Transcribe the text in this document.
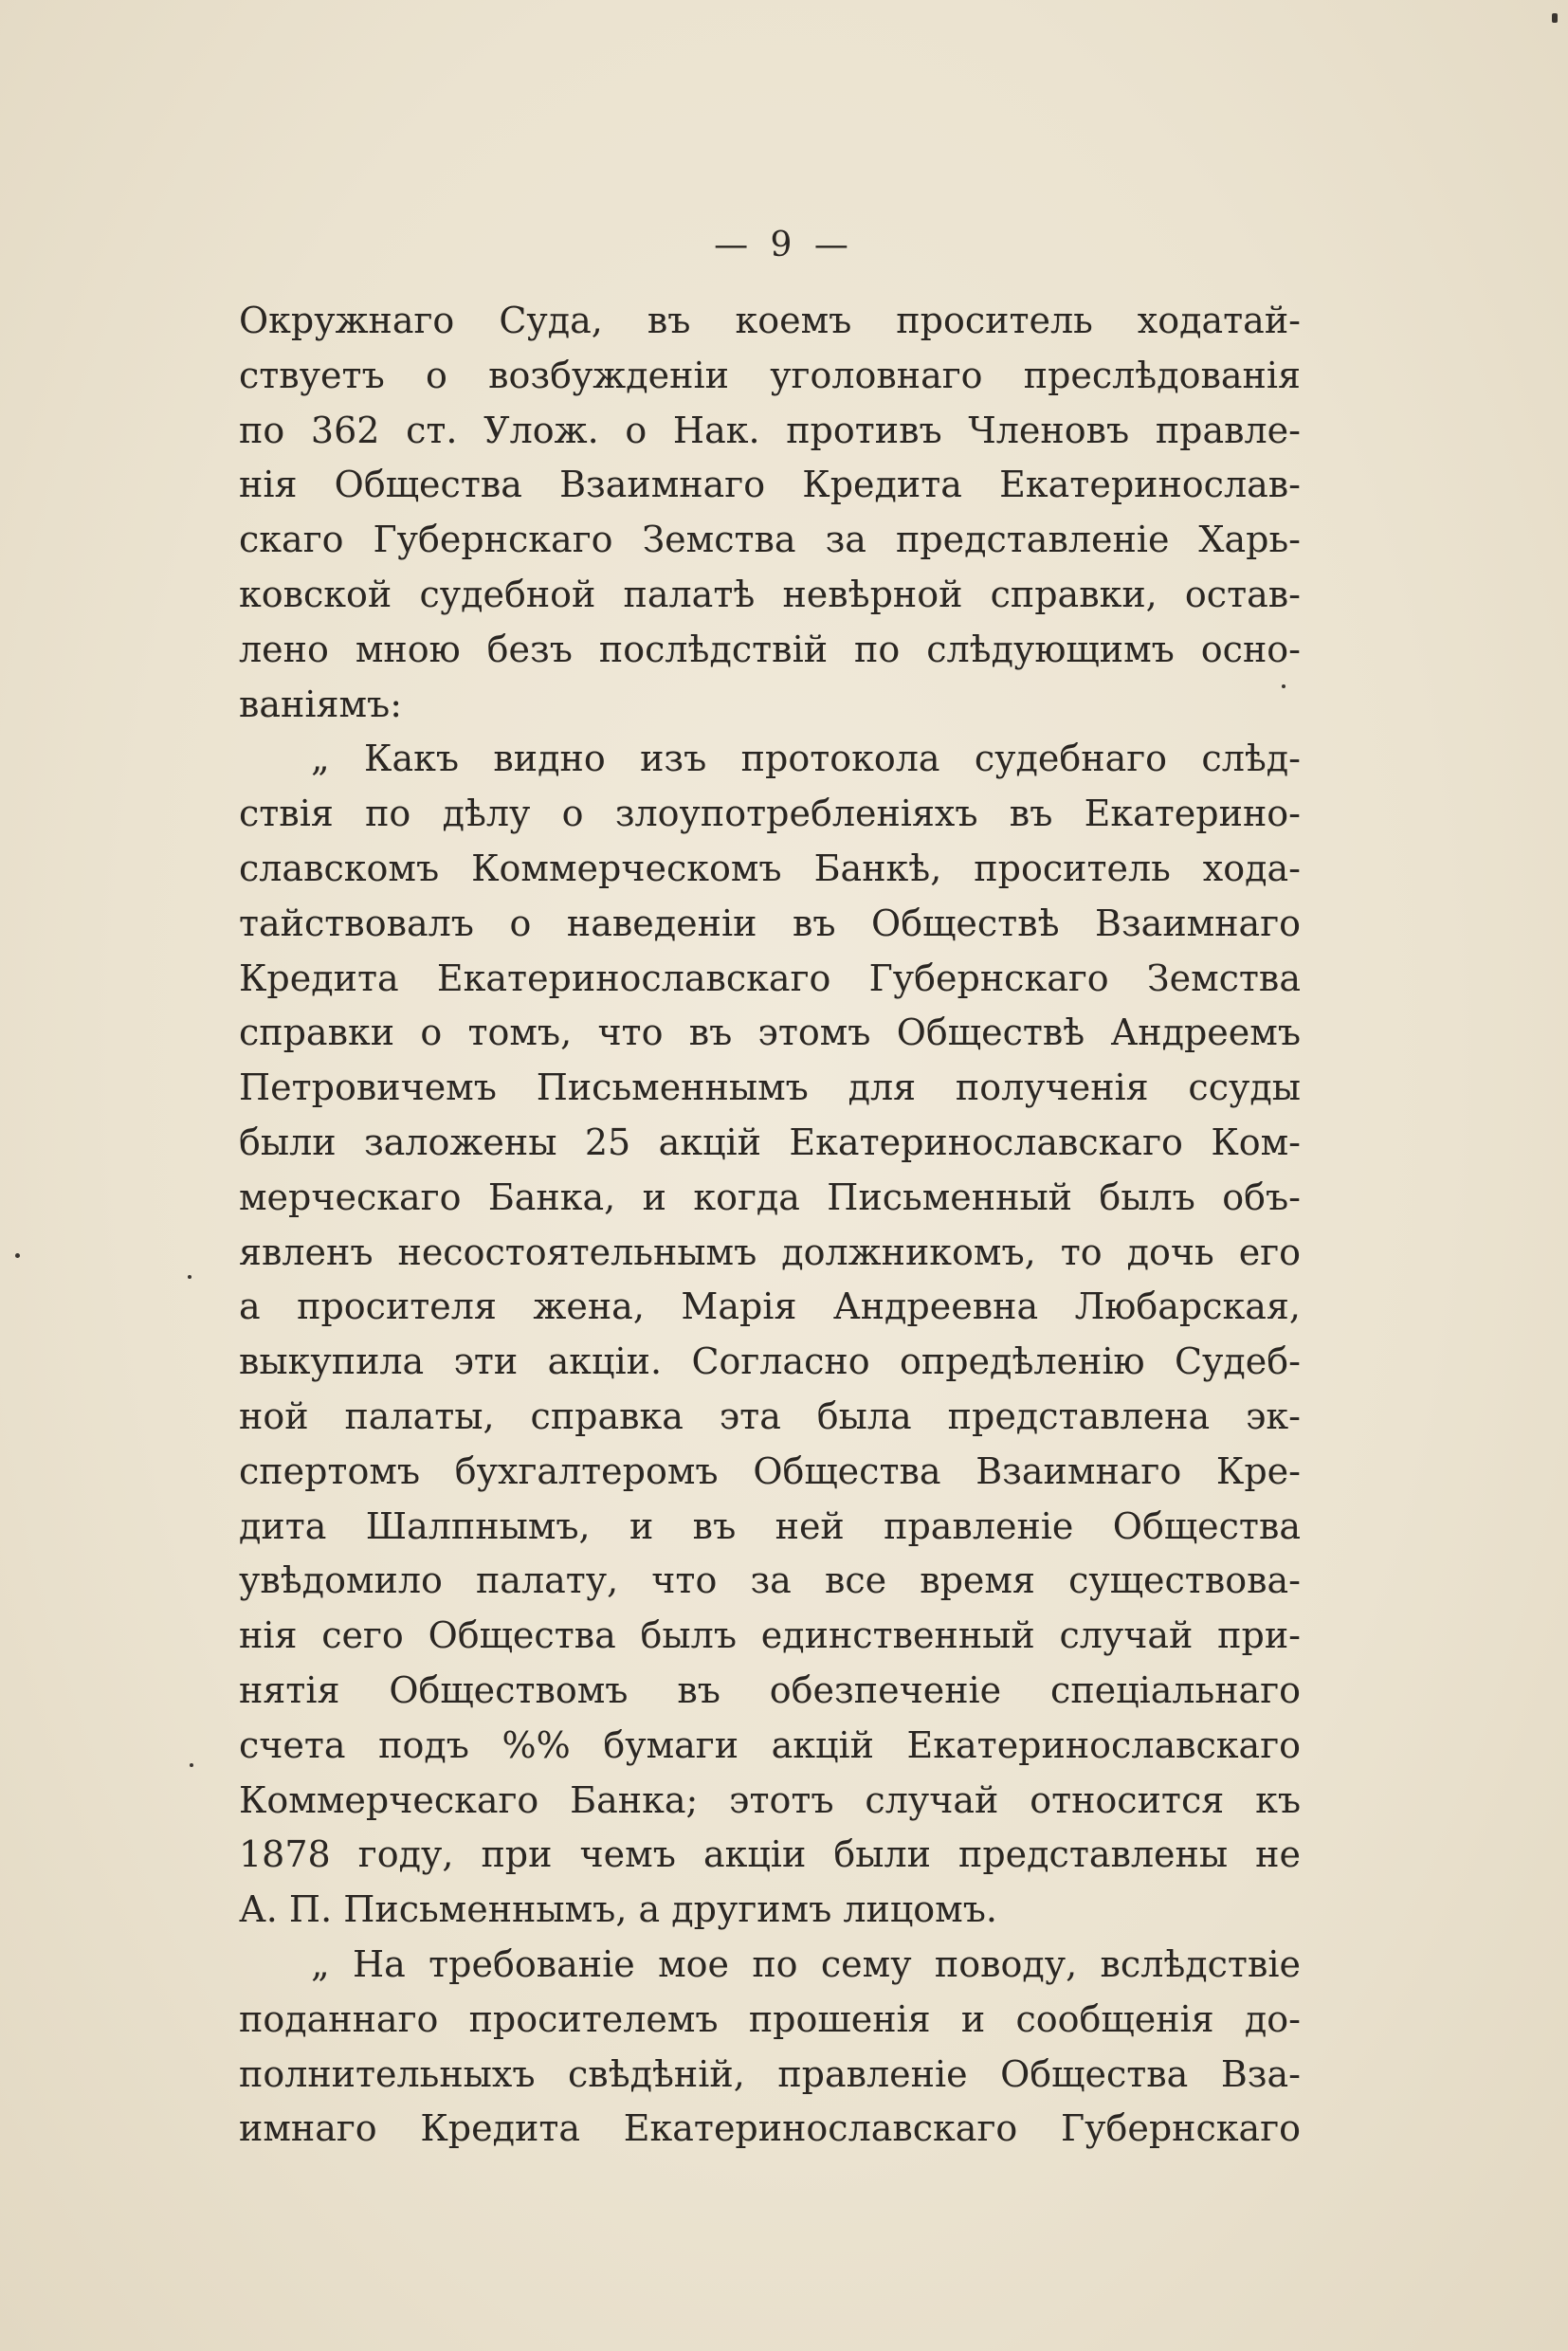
— 9 —
Окружнаго Суда, въ коемъ проситель ходатай-
ствуетъ о возбужденіи уголовнаго преслѣдованія
по 362 ст. Улож. о Нак. противъ Членовъ правле-
нія Общества Взаимнаго Кредита Екатеринослав-
скаго Губернскаго Земства за представленіе Харь-
ковской судебной палатѣ невѣрной справки, остав-
лено мною безъ послѣдствій по слѣдующимъ осно-
ваніямъ:
„ Какъ видно изъ протокола судебнаго слѣд-
ствія по дѣлу о злоупотребленіяхъ въ Екатерино-
славскомъ Коммерческомъ Банкѣ, проситель хода-
тайствовалъ о наведеніи въ Обществѣ Взаимнаго
Кредита Екатеринославскаго Губернскаго Земства
справки о томъ, что въ этомъ Обществѣ Андреемъ
Петровичемъ Письменнымъ для полученія ссуды
были заложены 25 акцій Екатеринославскаго Ком-
мерческаго Банка, и когда Письменный былъ объ-
явленъ несостоятельнымъ должникомъ, то дочь его
а просителя жена, Марія Андреевна Любарская,
выкупила эти акціи. Согласно опредѣленію Судеб-
ной палаты, справка эта была представлена эк-
спертомъ бухгалтеромъ Общества Взаимнаго Кре-
дита Шалпнымъ, и въ ней правленіе Общества
увѣдомило палату, что за все время существова-
нія сего Общества былъ единственный случай при-
нятія Обществомъ въ обезпеченіе спеціальнаго
счета подъ %% бумаги акцій Екатеринославскаго
Коммерческаго Банка; этотъ случай относится къ
1878 году, при чемъ акціи были представлены не
А. П. Письменнымъ, а другимъ лицомъ.
„ На требованіе мое по сему поводу, вслѣдствіе
поданнаго просителемъ прошенія и сообщенія до-
полнительныхъ свѣдѣній, правленіе Общества Вза-
имнаго Кредита Екатеринославскаго Губернскаго
